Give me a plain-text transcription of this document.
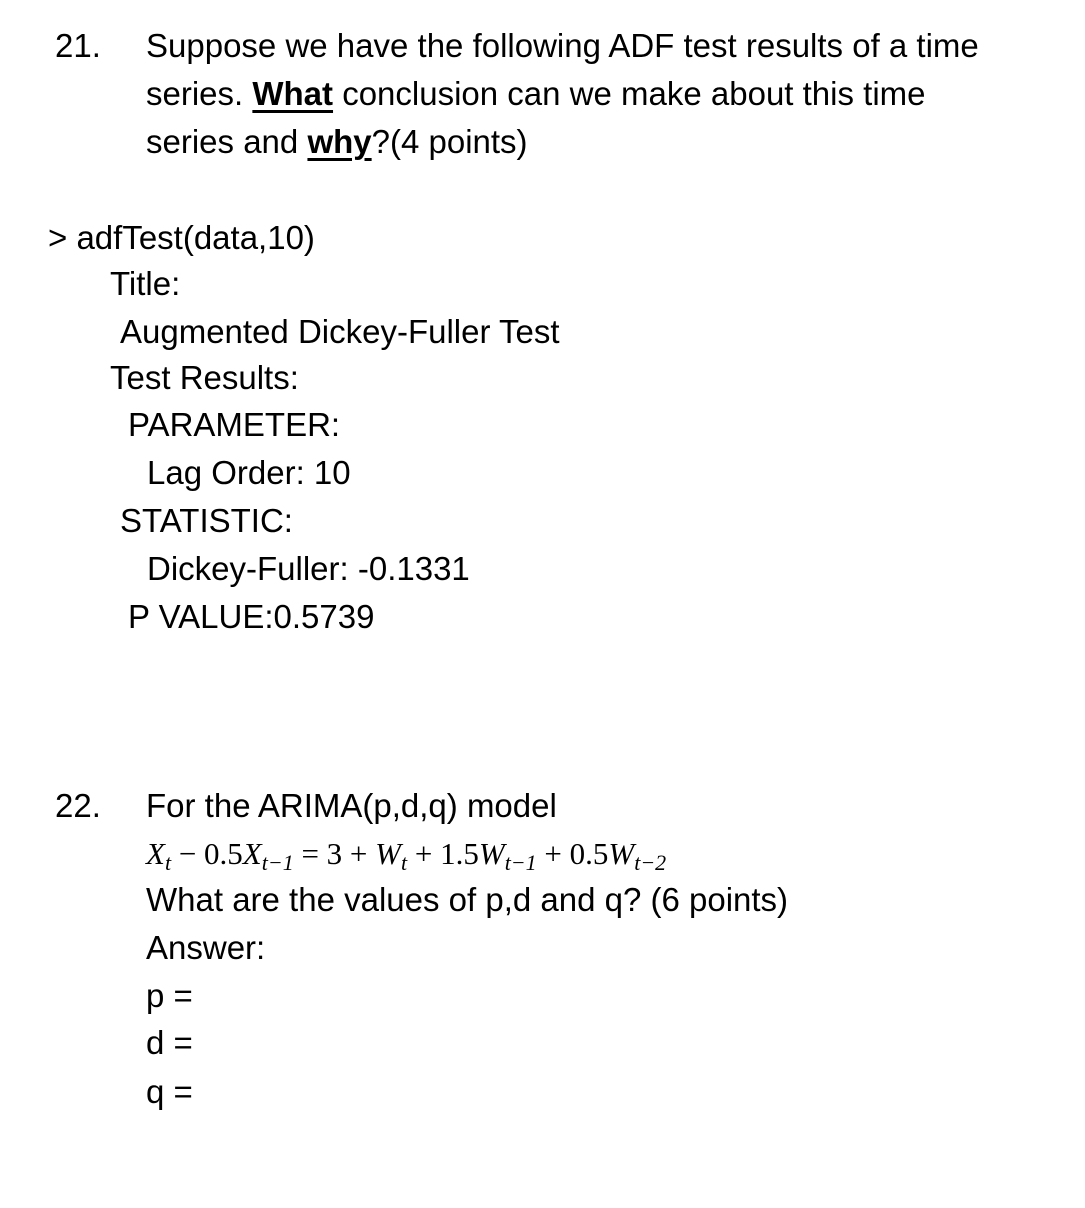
21. Suppose we have the following ADF test results of a time
series. What conclusion can we make about this time
series and why?(4 points)
> adfTest(data,10)
Title:
Augmented Dickey-Fuller Test
Test Results:
PARAMETER:
Lag Order: 10
STATISTIC:
Dickey-Fuller: -0.1331
P VALUE:0.5739
22. For the ARIMA(p,d,q) model
$X_t - 0.5X_{t-1} = 3 + W_t + 1.5W_{t-1} + 0.5W_{t-2}$
What are the values of p,d and q? (6 points)
Answer:
p =
d =
q =
